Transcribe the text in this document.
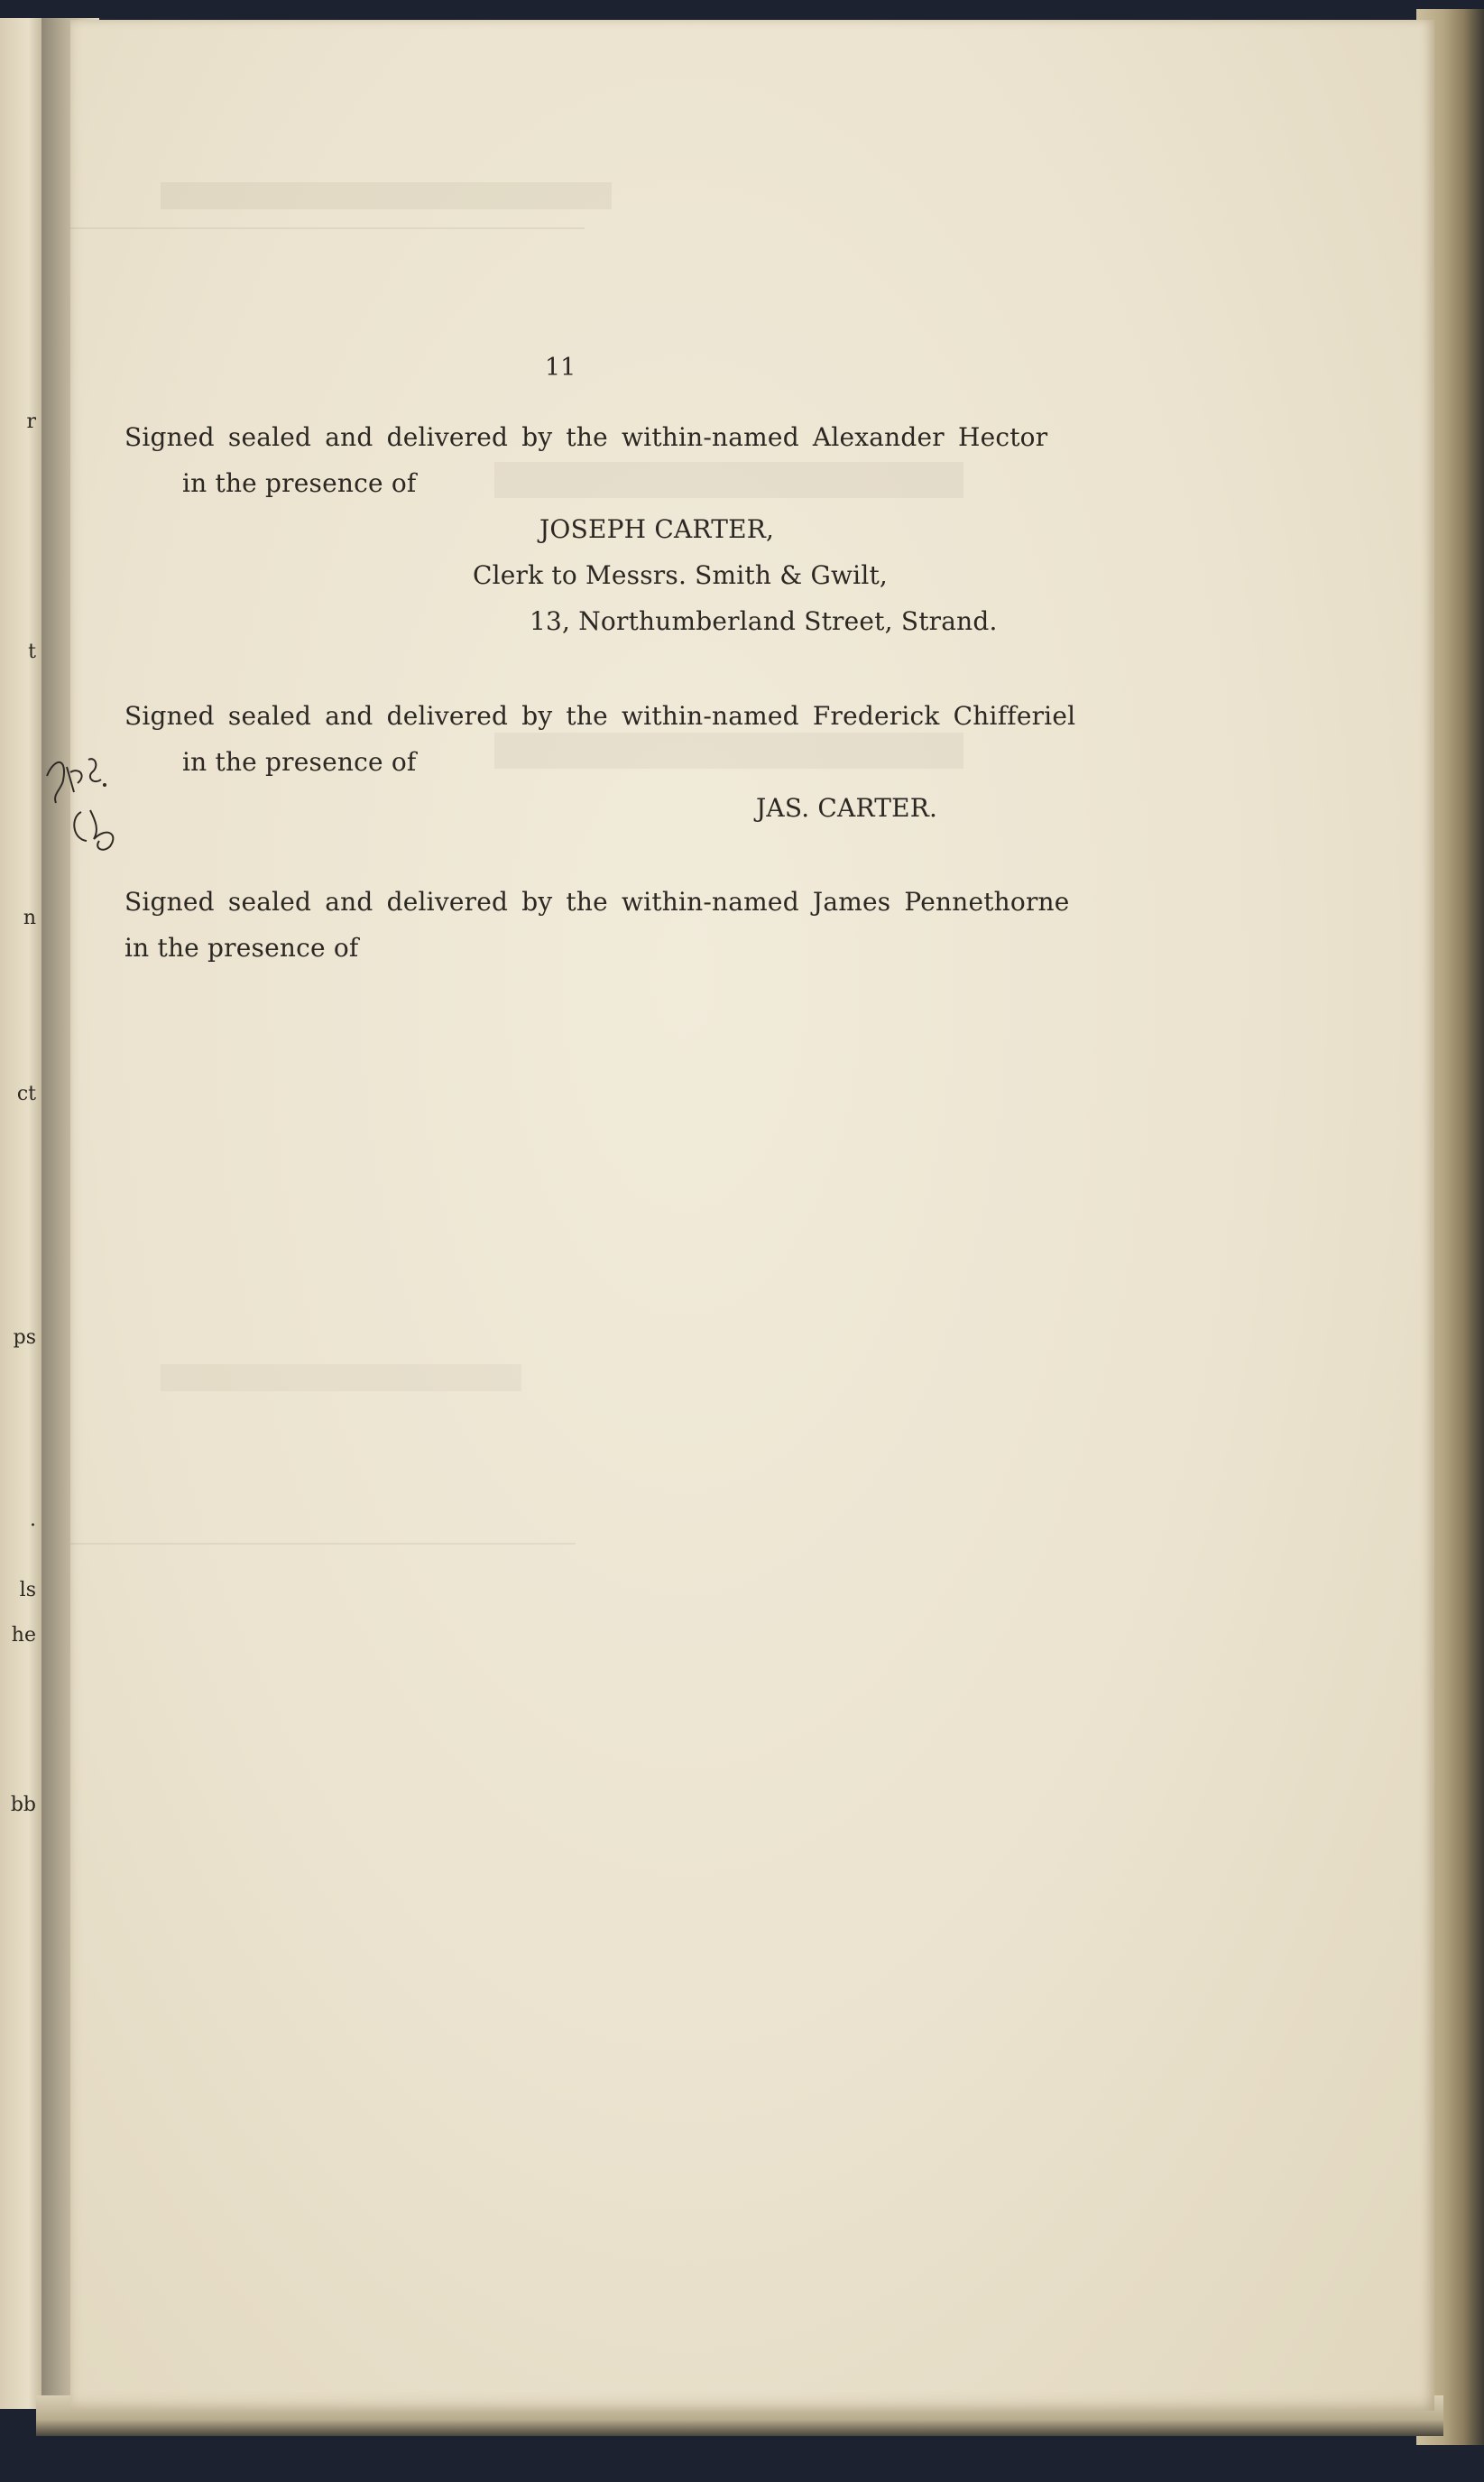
r
t
n
ct
ps
.
ls
he
bb
11
Signed sealed and delivered by the within-named Alexander Hector
in the presence of
JOSEPH CARTER,
Clerk to Messrs. Smith & Gwilt,
13, Northumberland Street, Strand.
Signed sealed and delivered by the within-named Frederick Chifferiel
in the presence of
JAS. CARTER.
Signed sealed and delivered by the within-named James Pennethorne
in the presence of
